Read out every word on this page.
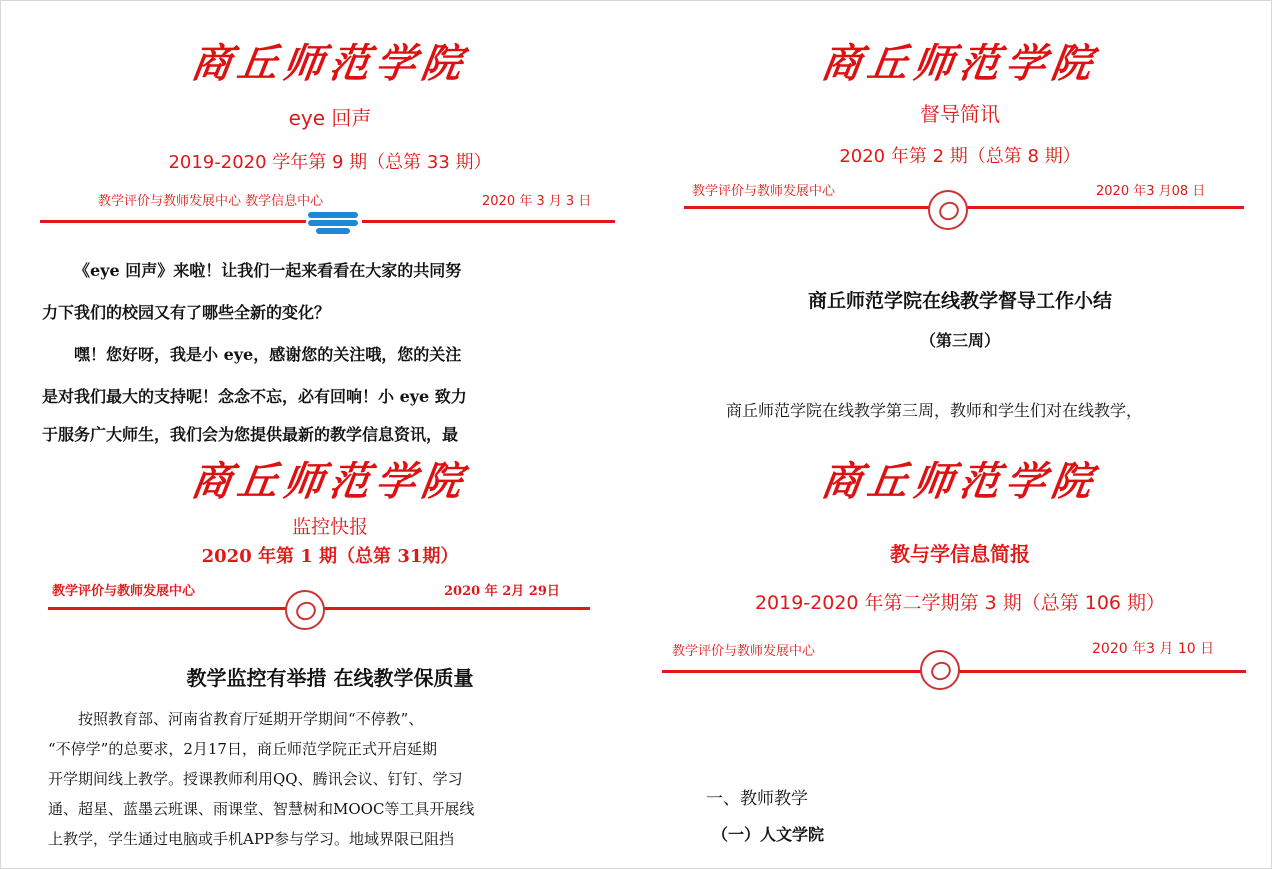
商丘师范学院
eye 回声
2019-2020 学年第 9 期（总第 33 期）
教学评价与教师发展中心 教学信息中心	2020 年 3 月 3 日
《eye 回声》来啦！让我们一起来看看在大家的共同努
力下我们的校园又有了哪些全新的变化？
嘿！您好呀，我是小 eye，感谢您的关注哦，您的关注
是对我们最大的支持呢！念念不忘，必有回响！小 eye 致力
于服务广大师生，我们会为您提供最新的教学信息资讯，最
商丘师范学院
督导简讯
2020 年第 2 期（总第 8 期）
教学评价与教师发展中心	2020 年3 月08 日
商丘师范学院在线教学督导工作小结
（第三周）
商丘师范学院在线教学第三周，教师和学生们对在线教学，
商丘师范学院
监控快报
2020 年第 1 期（总第 31期）
教学评价与教师发展中心	2020 年 2月 29日
教学监控有举措 在线教学保质量
按照教育部、河南省教育厅延期开学期间“不停教”、
“不停学”的总要求，2月17日，商丘师范学院正式开启延期
开学期间线上教学。授课教师利用QQ、腾讯会议、钉钉、学习
通、超星、蓝墨云班课、雨课堂、智慧树和MOOC等工具开展线
上教学，学生通过电脑或手机APP参与学习。地域界限已阻挡
商丘师范学院
教与学信息简报
2019-2020 年第二学期第 3 期（总第 106 期）
教学评价与教师发展中心	2020 年3 月 10 日
一、教师教学
（一）人文学院
